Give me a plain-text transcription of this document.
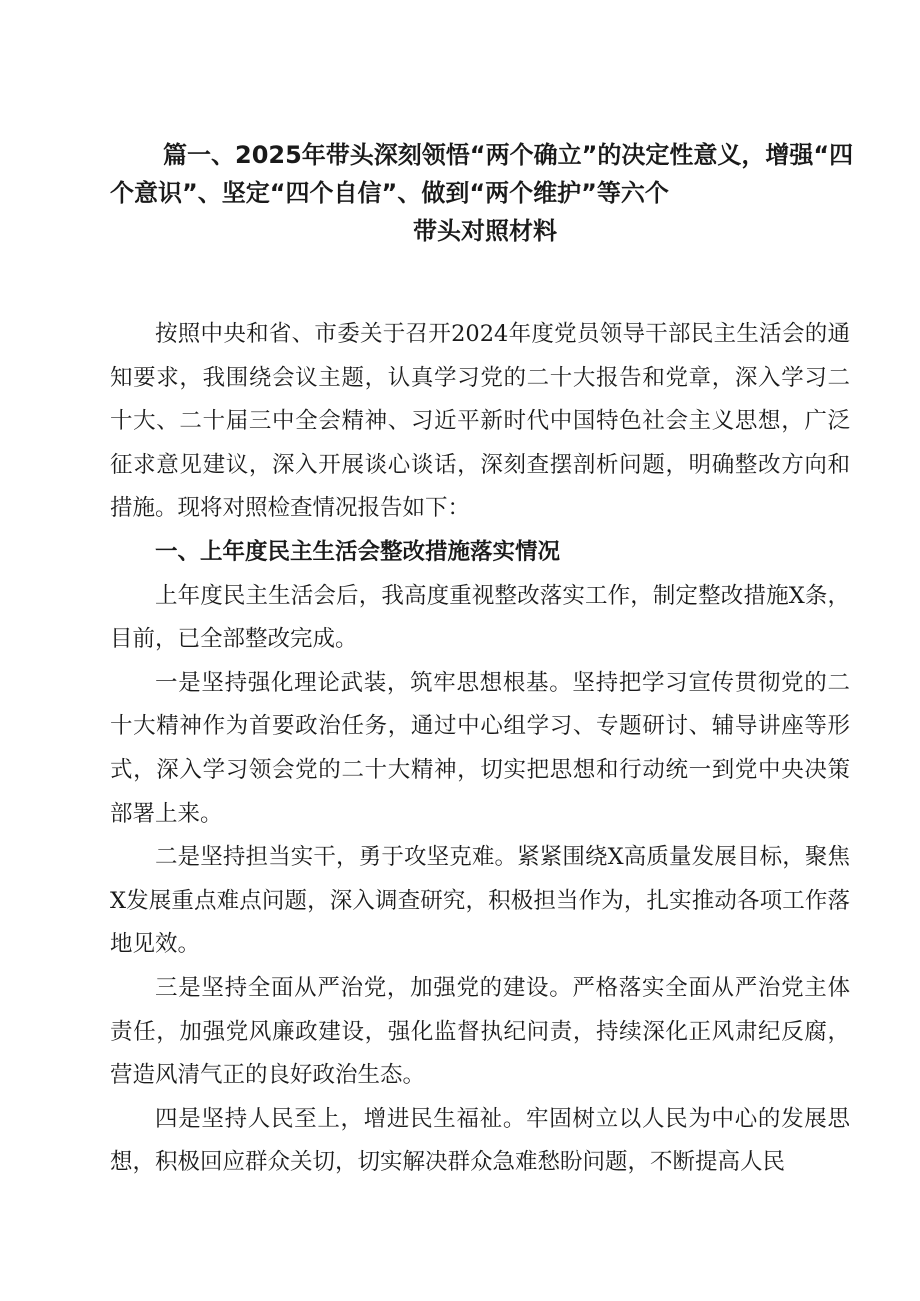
篇一、2025年带头深刻领悟“两个确立”的决定性意义，增强“四
个意识”、坚定“四个自信”、做到“两个维护”等六个
带头对照材料

按照中央和省、市委关于召开2024年度党员领导干部民主生活会的通知要求，我围绕会议主题，认真学习党的二十大报告和党章，深入学习二十大、二十届三中全会精神、习近平新时代中国特色社会主义思想，广泛征求意见建议，深入开展谈心谈话，深刻查摆剖析问题，明确整改方向和措施。现将对照检查情况报告如下：

一、上年度民主生活会整改措施落实情况

上年度民主生活会后，我高度重视整改落实工作，制定整改措施X条，目前，已全部整改完成。

一是坚持强化理论武装，筑牢思想根基。坚持把学习宣传贯彻党的二十大精神作为首要政治任务，通过中心组学习、专题研讨、辅导讲座等形式，深入学习领会党的二十大精神，切实把思想和行动统一到党中央决策部署上来。

二是坚持担当实干，勇于攻坚克难。紧紧围绕X高质量发展目标，聚焦X发展重点难点问题，深入调查研究，积极担当作为，扎实推动各项工作落地见效。

三是坚持全面从严治党，加强党的建设。严格落实全面从严治党主体责任，加强党风廉政建设，强化监督执纪问责，持续深化正风肃纪反腐，营造风清气正的良好政治生态。

四是坚持人民至上，增进民生福祉。牢固树立以人民为中心的发展思想，积极回应群众关切，切实解决群众急难愁盼问题，不断提高人民
